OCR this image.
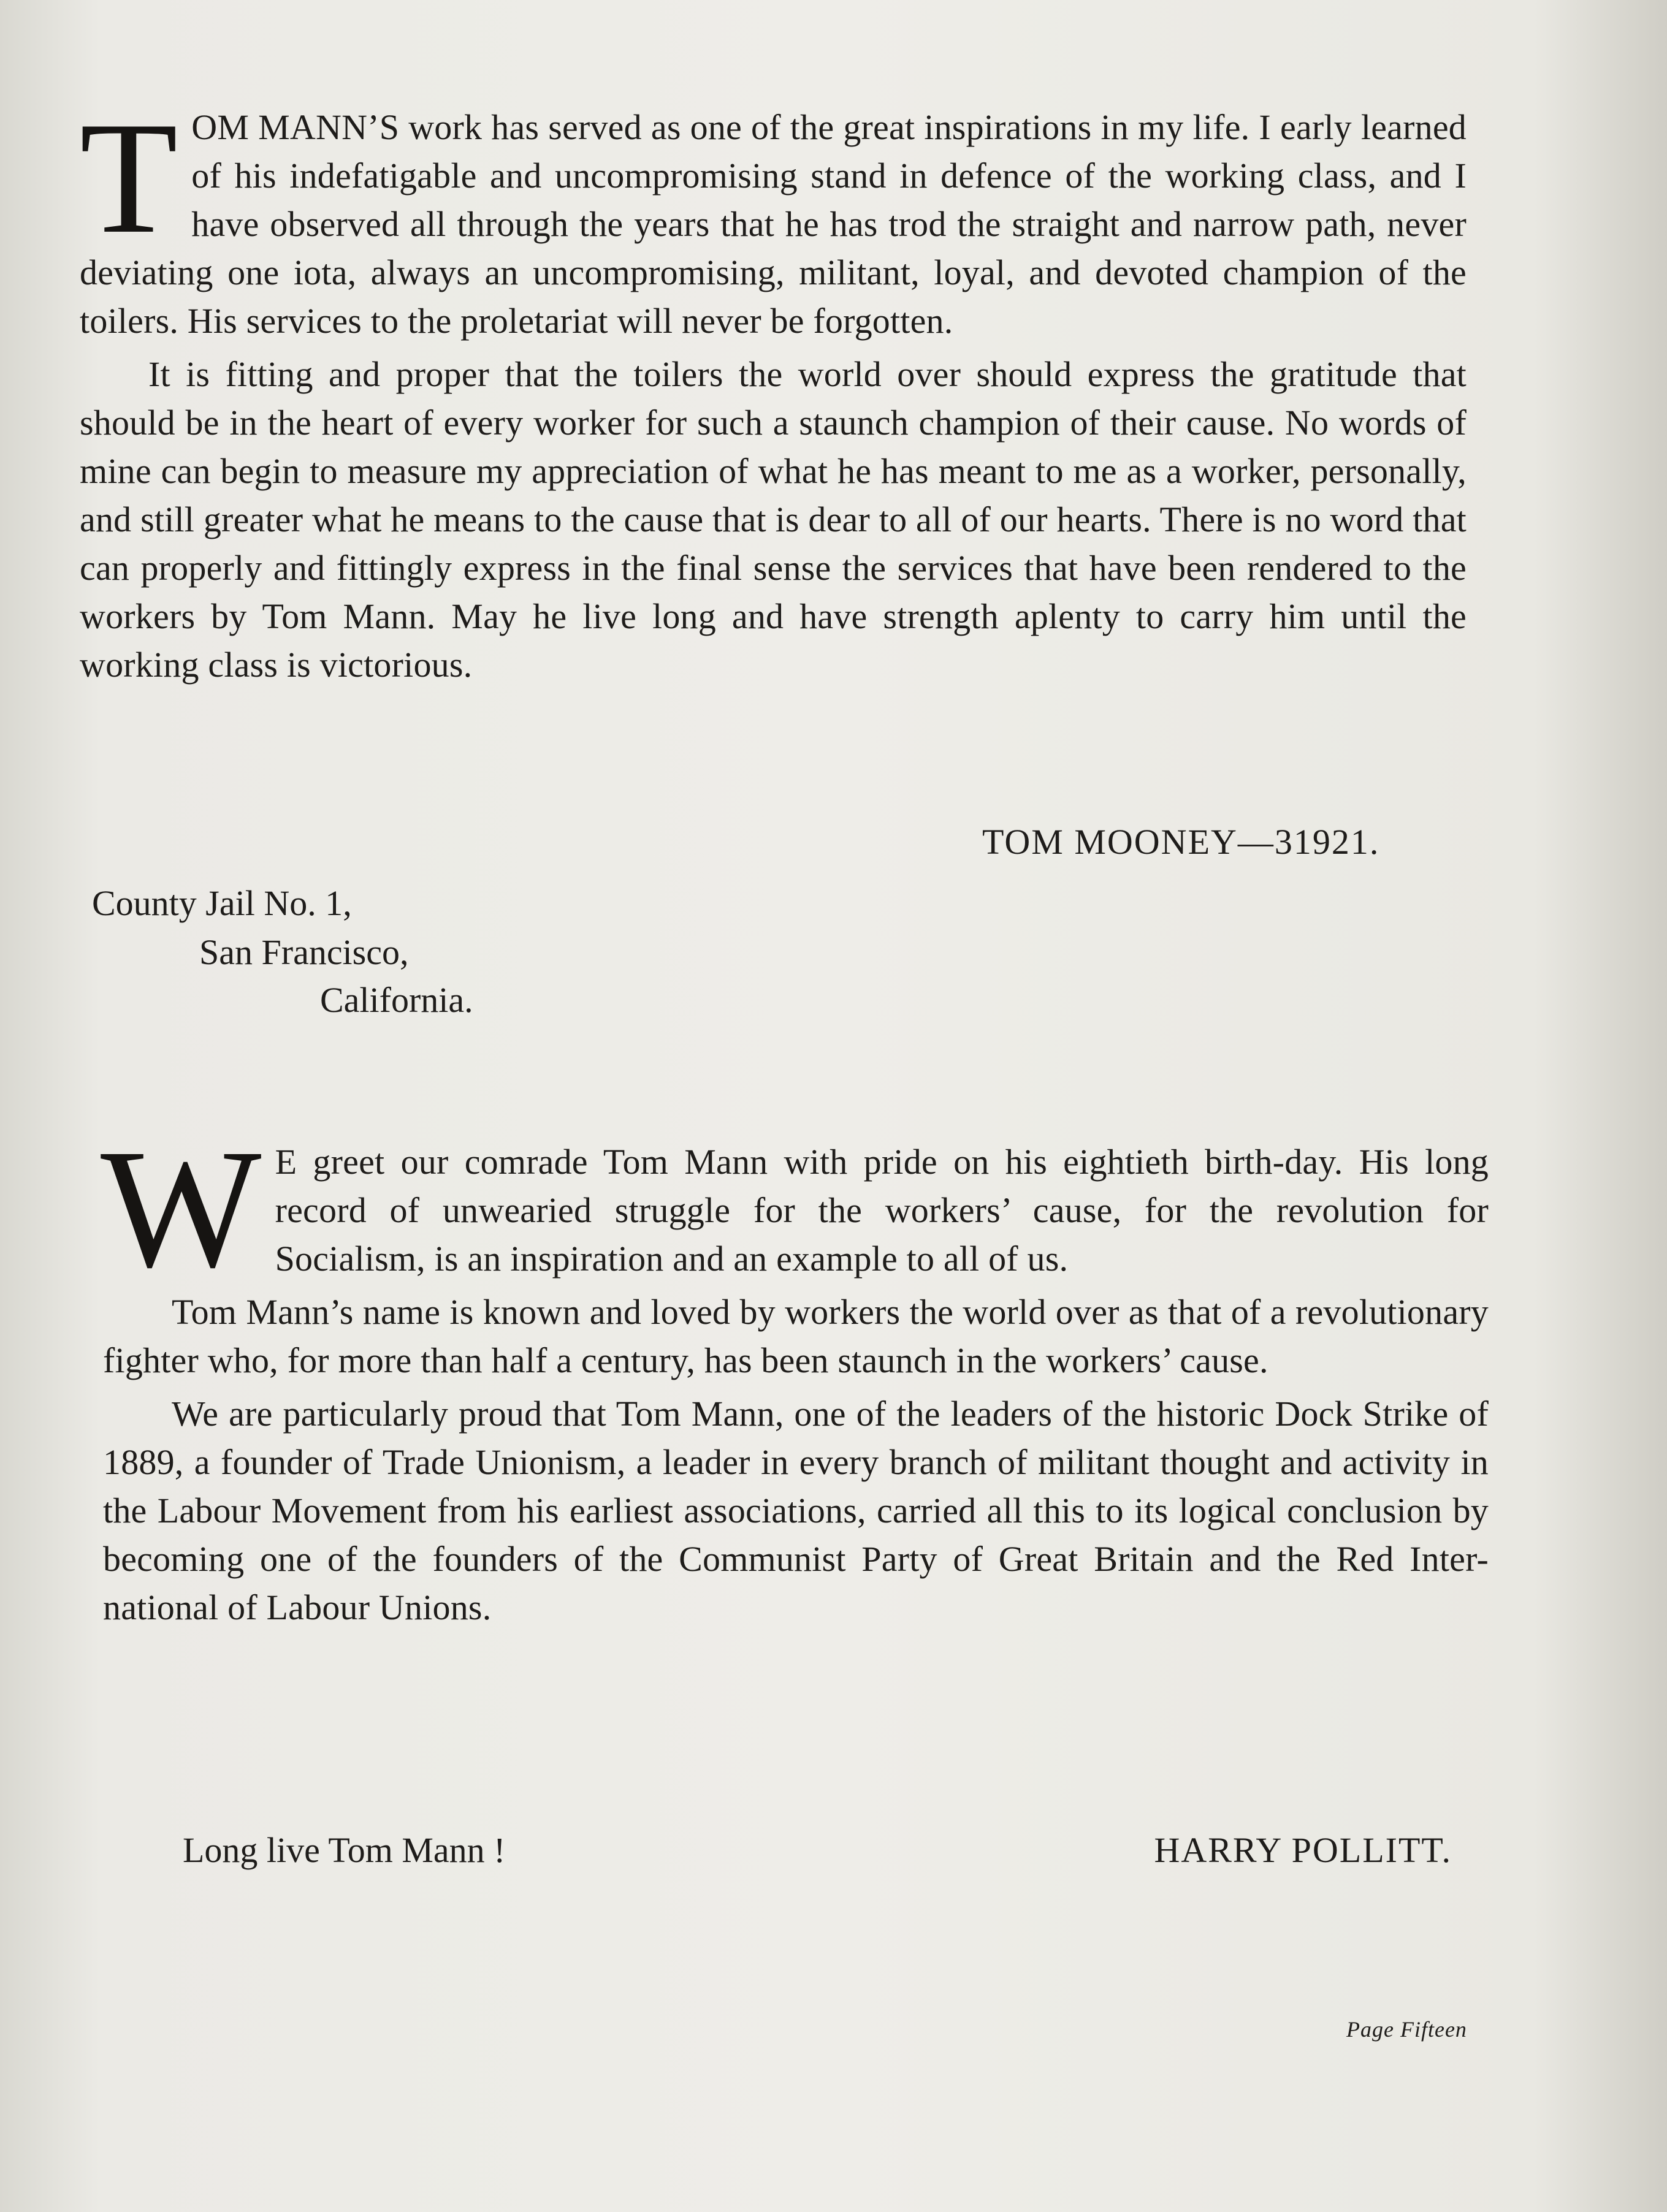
TOM MANN’S work has served as one of the great inspirations in my life. I early learned of his indefatigable and uncompromising stand in defence of the working class, and I have observed all through the years that he has trod the straight and narrow path, never deviating one iota, always an uncompromising, militant, loyal, and devoted champion of the toilers. His services to the proletariat will never be forgotten.

It is fitting and proper that the toilers the world over should express the gratitude that should be in the heart of every worker for such a staunch champion of their cause. No words of mine can begin to measure my appreciation of what he has meant to me as a worker, personally, and still greater what he means to the cause that is dear to all of our hearts. There is no word that can properly and fittingly express in the final sense the services that have been rendered to the workers by Tom Mann. May he live long and have strength aplenty to carry him until the working class is victorious.

TOM MOONEY—31921.
County Jail No. 1,
San Francisco,
California.

W E greet our comrade Tom Mann with pride on his eightieth birth-day. His long record of unwearied struggle for the workers’ cause, for the revolution for Socialism, is an inspiration and an example to all of us.

Tom Mann’s name is known and loved by workers the world over as that of a revolutionary fighter who, for more than half a century, has been staunch in the workers’ cause.

We are particularly proud that Tom Mann, one of the leaders of the historic Dock Strike of 1889, a founder of Trade Unionism, a leader in every branch of militant thought and activity in the Labour Movement from his earliest associations, carried all this to its logical conclusion by becoming one of the founders of the Communist Party of Great Britain and the Red Inter-national of Labour Unions.

Long live Tom Mann !	HARRY POLLITT.
Page Fifteen
